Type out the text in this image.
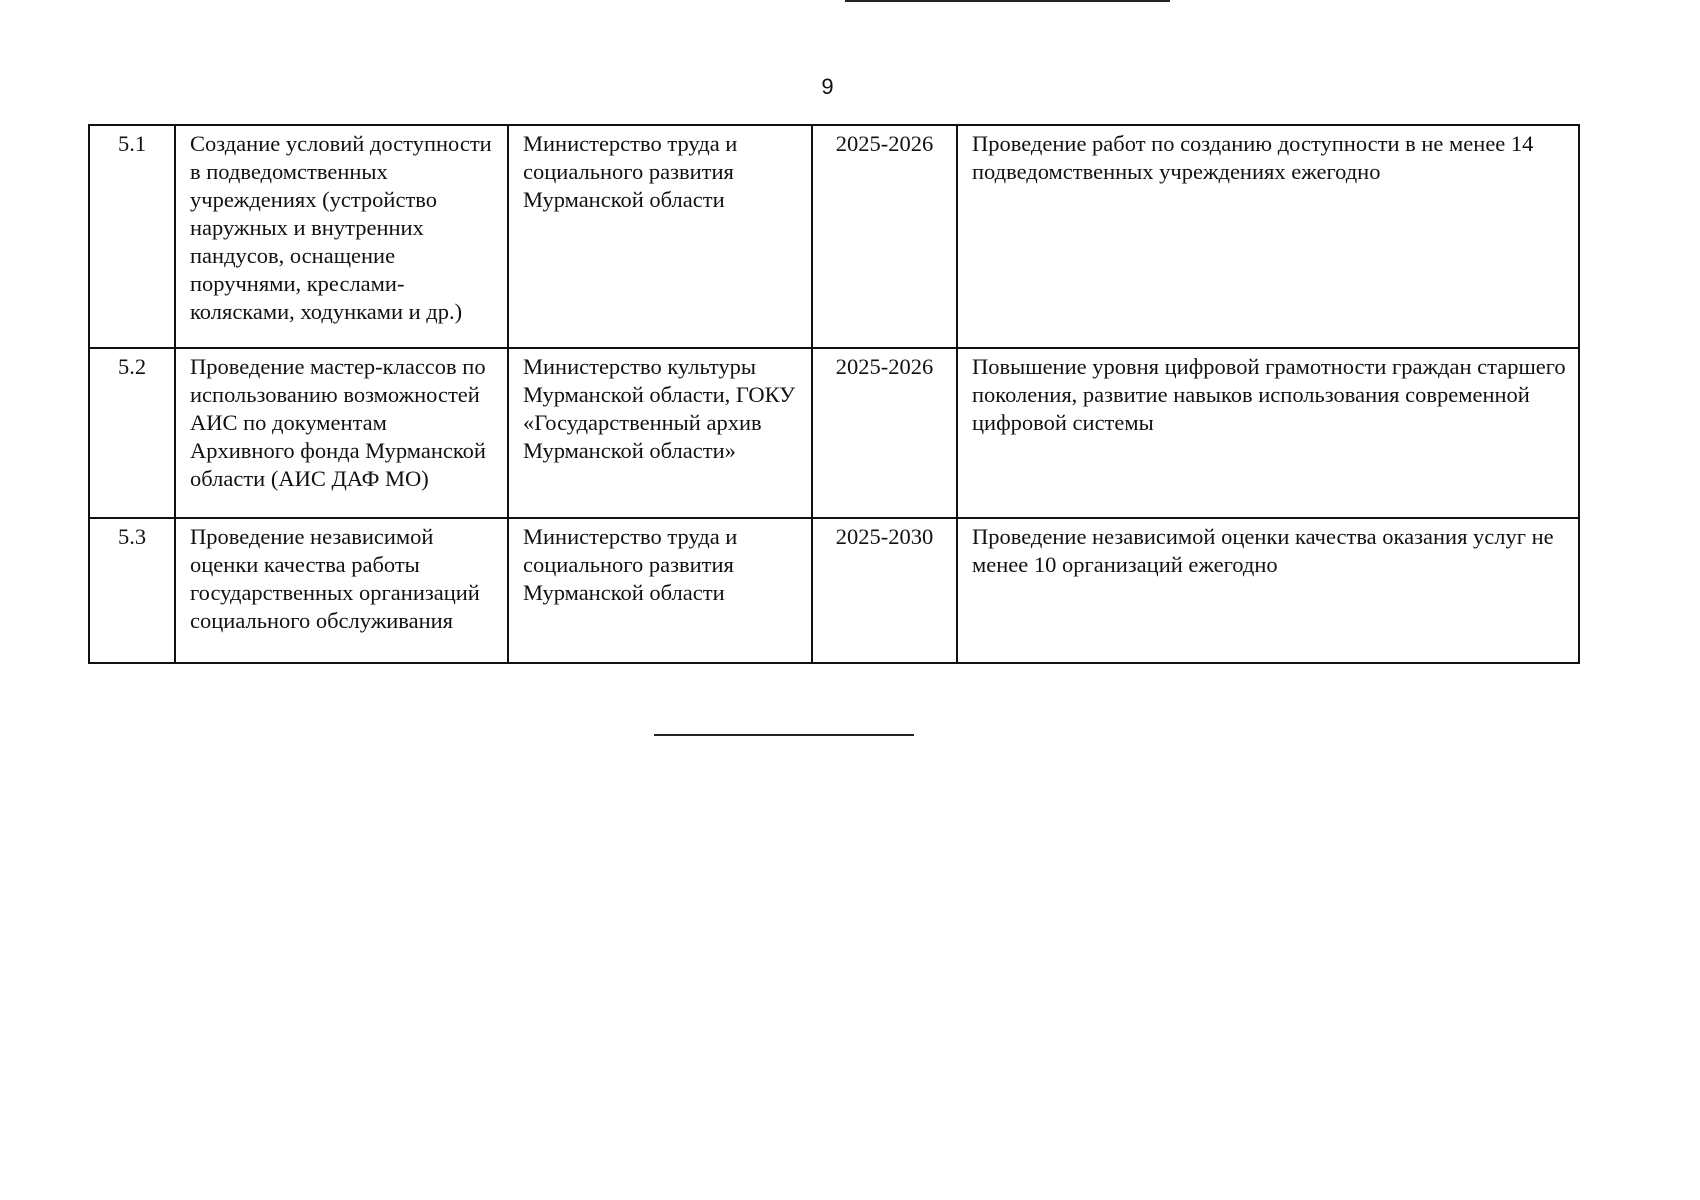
9
5.1	Создание условий доступности в подведомственных учреждениях (устройство наружных и внутренних пандусов, оснащение поручнями, креслами-колясками, ходунками и др.)	Министерство труда и социального развития Мурманской области	2025-2026	Проведение работ по созданию доступности в не менее 14 подведомственных учреждениях ежегодно
5.2	Проведение мастер-классов по использованию возможностей АИС по документам Архивного фонда Мурманской области (АИС ДАФ МО)	Министерство культуры Мурманской области, ГОКУ «Государственный архив Мурманской области»	2025-2026	Повышение уровня цифровой грамотности граждан старшего поколения, развитие навыков использования современной цифровой системы
5.3	Проведение независимой оценки качества работы государственных организаций социального обслуживания	Министерство труда и социального развития Мурманской области	2025-2030	Проведение независимой оценки качества оказания услуг не менее 10 организаций ежегодно
